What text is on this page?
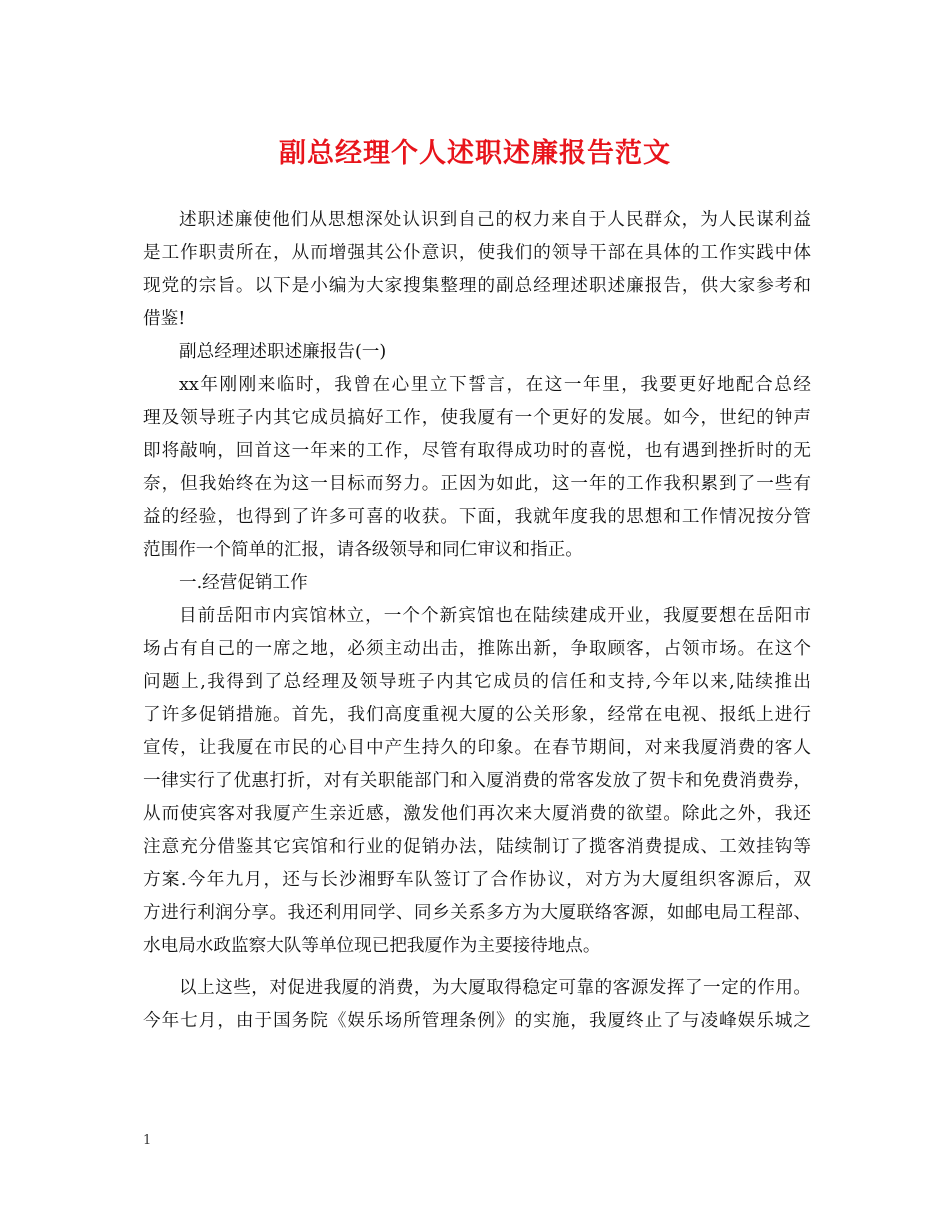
副总经理个人述职述廉报告范文
述职述廉使他们从思想深处认识到自己的权力来自于人民群众，为人民谋利益
是工作职责所在，从而增强其公仆意识，使我们的领导干部在具体的工作实践中体
现党的宗旨。以下是小编为大家搜集整理的副总经理述职述廉报告，供大家参考和
借鉴!
副总经理述职述廉报告(一)
xx年刚刚来临时，我曾在心里立下誓言，在这一年里，我要更好地配合总经
理及领导班子内其它成员搞好工作，使我厦有一个更好的发展。如今，世纪的钟声
即将敲响，回首这一年来的工作，尽管有取得成功时的喜悦，也有遇到挫折时的无
奈，但我始终在为这一目标而努力。正因为如此，这一年的工作我积累到了一些有
益的经验，也得到了许多可喜的收获。下面，我就年度我的思想和工作情况按分管
范围作一个简单的汇报，请各级领导和同仁审议和指正。
一.经营促销工作
目前岳阳市内宾馆林立，一个个新宾馆也在陆续建成开业，我厦要想在岳阳市
场占有自己的一席之地，必须主动出击，推陈出新，争取顾客，占领市场。在这个
问题上,我得到了总经理及领导班子内其它成员的信任和支持,今年以来,陆续推出
了许多促销措施。首先，我们高度重视大厦的公关形象，经常在电视、报纸上进行
宣传，让我厦在市民的心目中产生持久的印象。在春节期间，对来我厦消费的客人
一律实行了优惠打折，对有关职能部门和入厦消费的常客发放了贺卡和免费消费券，
从而使宾客对我厦产生亲近感，激发他们再次来大厦消费的欲望。除此之外，我还
注意充分借鉴其它宾馆和行业的促销办法，陆续制订了揽客消费提成、工效挂钩等
方案.今年九月，还与长沙湘野车队签订了合作协议，对方为大厦组织客源后，双
方进行利润分享。我还利用同学、同乡关系多方为大厦联络客源，如邮电局工程部、
水电局水政监察大队等单位现已把我厦作为主要接待地点。
以上这些，对促进我厦的消费，为大厦取得稳定可靠的客源发挥了一定的作用。
今年七月，由于国务院《娱乐场所管理条例》的实施，我厦终止了与凌峰娱乐城之
1
